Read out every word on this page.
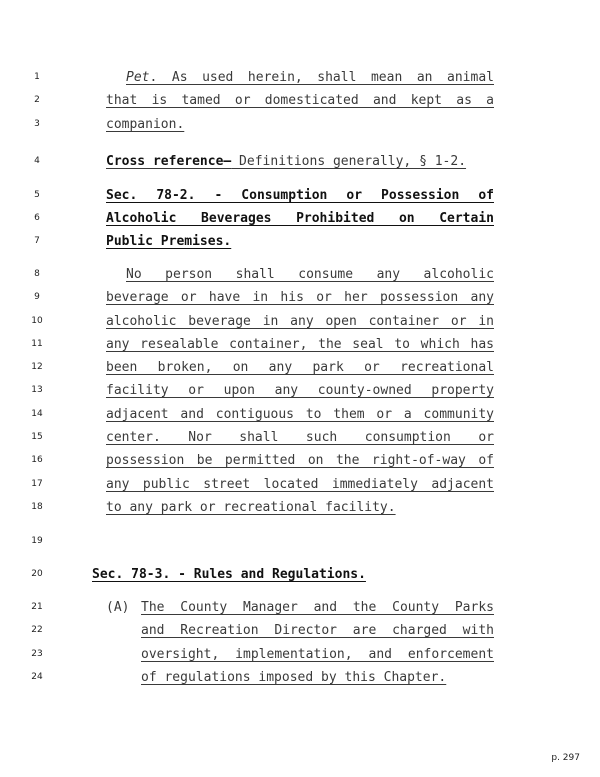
1
2
3
4
5
6
7
8
9
10
11
12
13
14
15
16
17
18
19
20
21
22
23
24
Pet. As used herein, shall mean an animal
that is tamed or domesticated and kept as a
companion.
Cross reference— Definitions generally, § 1-2.
Sec. 78-2. - Consumption or Possession of
Alcoholic Beverages Prohibited on Certain
Public Premises.
No person shall consume any alcoholic
beverage or have in his or her possession any
alcoholic beverage in any open container or in
any resealable container, the seal to which has
been broken, on any park or recreational
facility or upon any county-owned property
adjacent and contiguous to them or a community
center. Nor shall such consumption or
possession be permitted on the right-of-way of
any public street located immediately adjacent
to any park or recreational facility.
Sec. 78-3. - Rules and Regulations.
(A) The County Manager and the County Parks
and Recreation Director are charged with
oversight, implementation, and enforcement
of regulations imposed by this Chapter.
p. 297
